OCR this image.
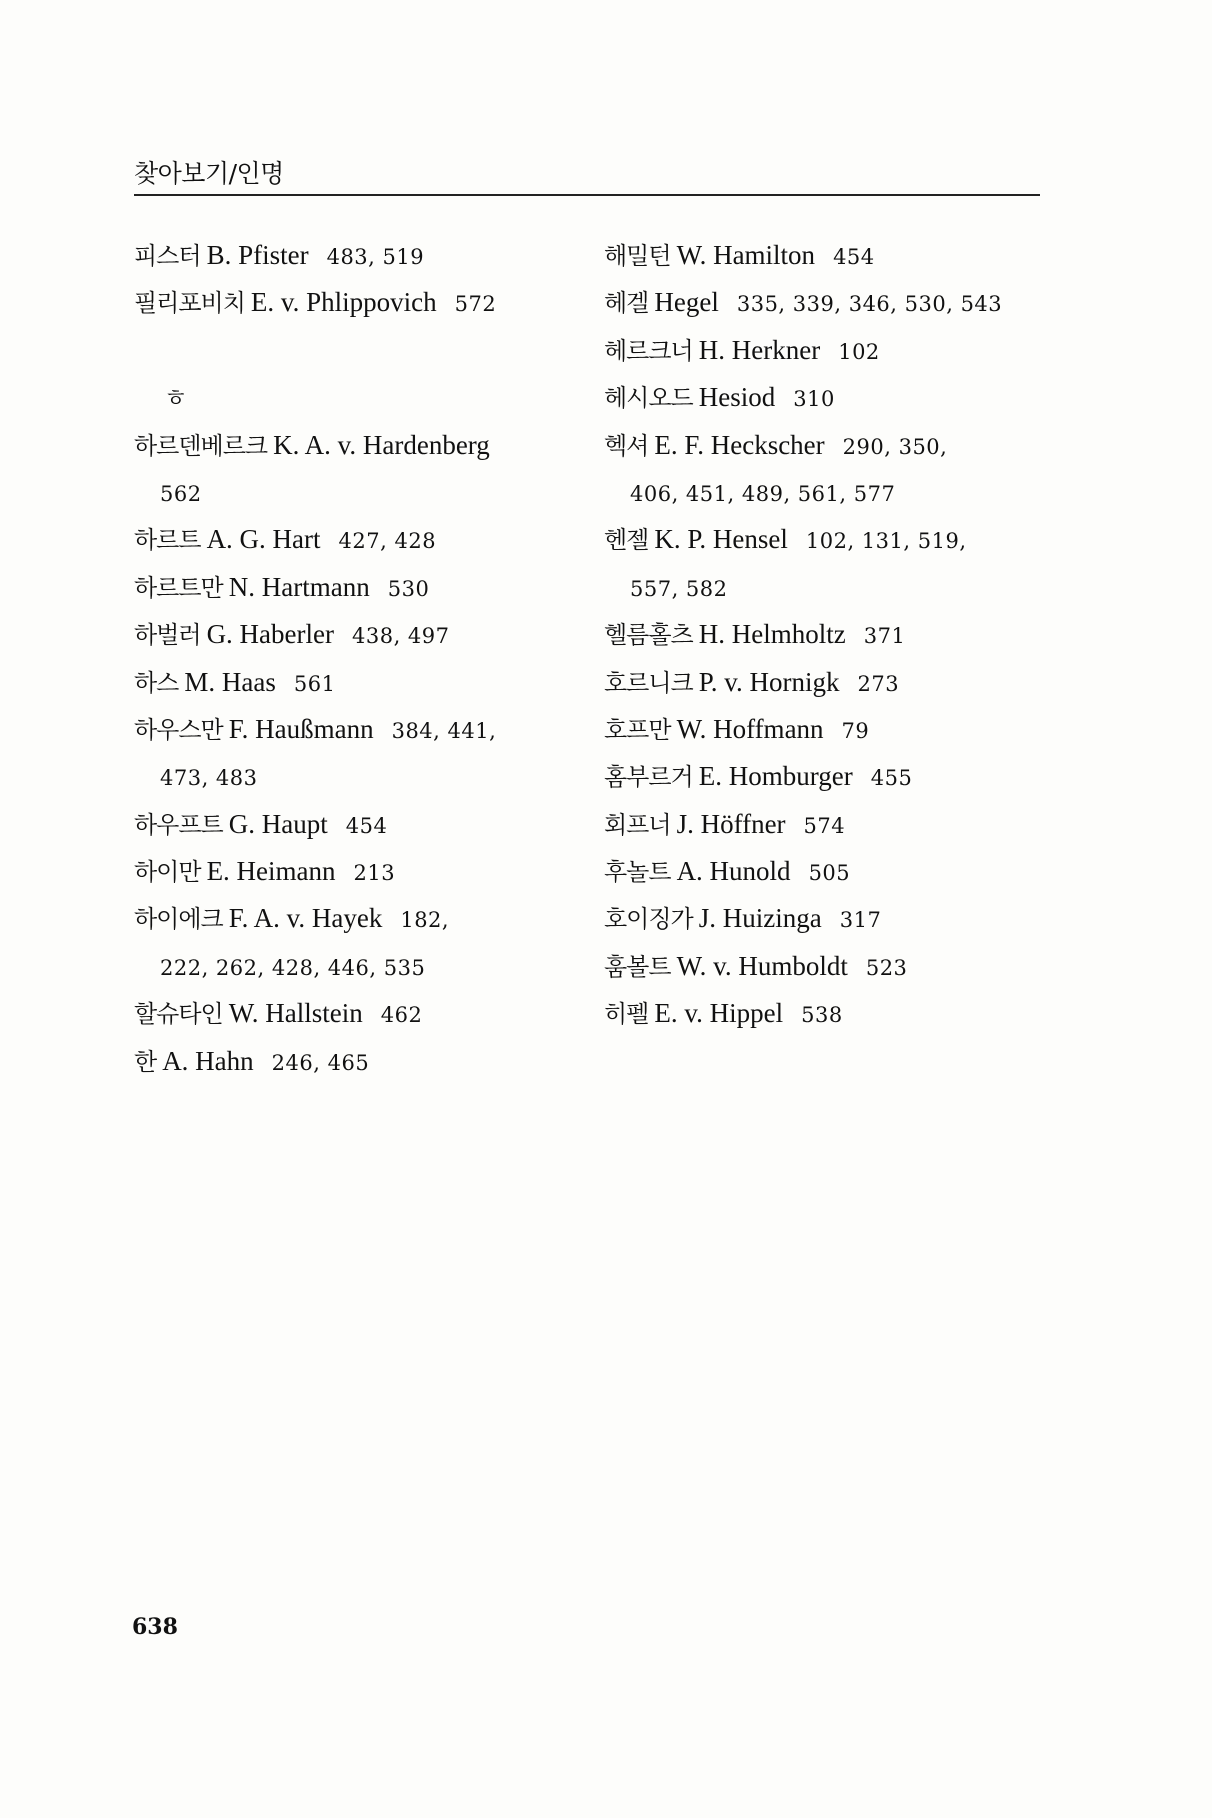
찾아보기/인명
피스터 B. Pfister 483, 519
필리포비치 E. v. Phlippovich 572
ㅎ
하르덴베르크 K. A. v. Hardenberg
562
하르트 A. G. Hart 427, 428
하르트만 N. Hartmann 530
하벌러 G. Haberler 438, 497
하스 M. Haas 561
하우스만 F. Haußmann 384, 441,
473, 483
하우프트 G. Haupt 454
하이만 E. Heimann 213
하이에크 F. A. v. Hayek 182,
222, 262, 428, 446, 535
할슈타인 W. Hallstein 462
한 A. Hahn 246, 465
해밀턴 W. Hamilton 454
헤겔 Hegel 335, 339, 346, 530, 543
헤르크너 H. Herkner 102
헤시오드 Hesiod 310
헥셔 E. F. Heckscher 290, 350,
406, 451, 489, 561, 577
헨젤 K. P. Hensel 102, 131, 519,
557, 582
헬름홀츠 H. Helmholtz 371
호르니크 P. v. Hornigk 273
호프만 W. Hoffmann 79
홈부르거 E. Homburger 455
회프너 J. Höffner 574
후놀트 A. Hunold 505
호이징가 J. Huizinga 317
훔볼트 W. v. Humboldt 523
히펠 E. v. Hippel 538
638
